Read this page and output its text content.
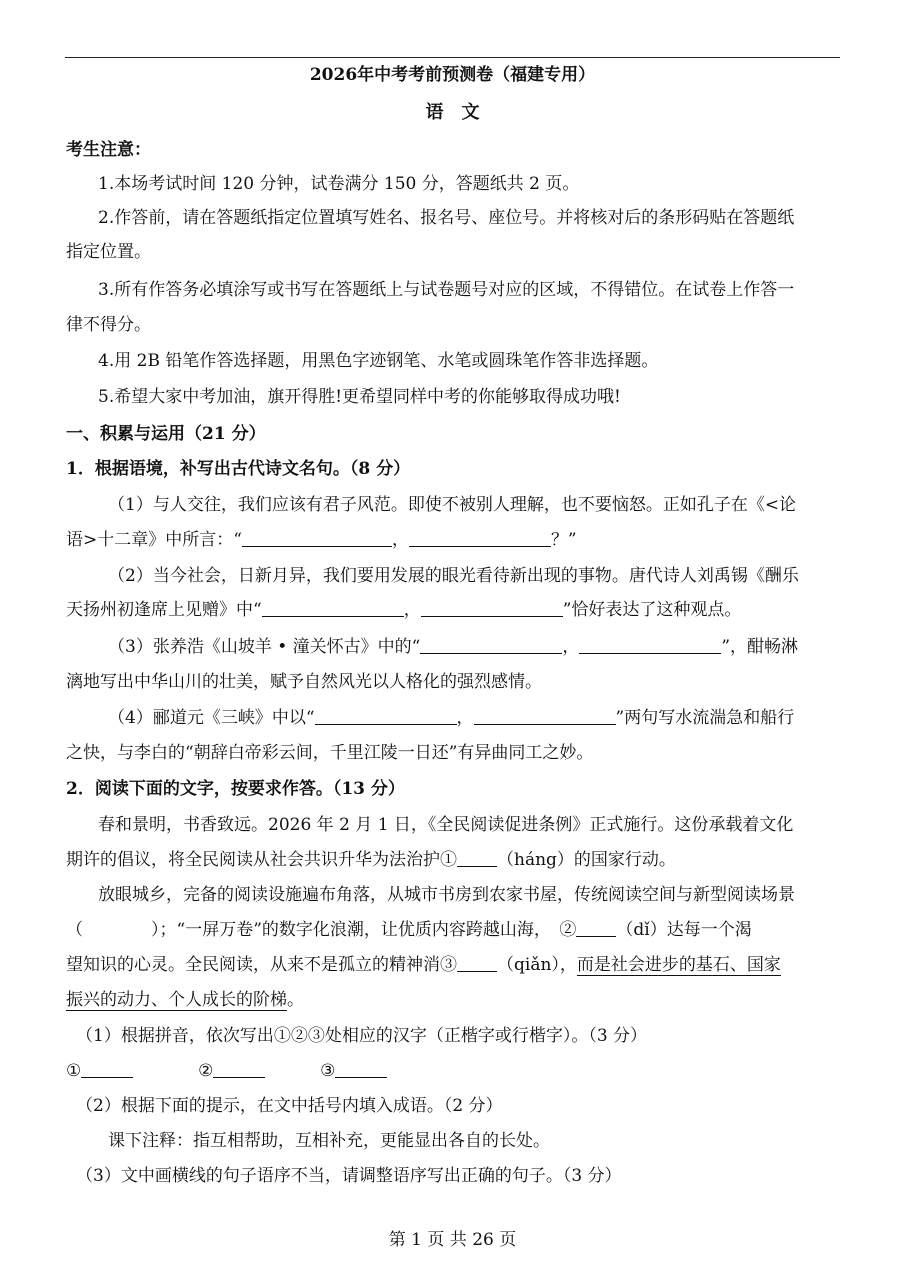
2026年中考考前预测卷（福建专用）
语　文
考生注意：
1.本场考试时间 120 分钟，试卷满分 150 分，答题纸共 2 页。
2.作答前，请在答题纸指定位置填写姓名、报名号、座位号。并将核对后的条形码贴在答题纸
指定位置。
3.所有作答务必填涂写或书写在答题纸上与试卷题号对应的区域，不得错位。在试卷上作答一
律不得分。
4.用 2B 铅笔作答选择题，用黑色字迹钢笔、水笔或圆珠笔作答非选择题。
5.希望大家中考加油，旗开得胜!更希望同样中考的你能够取得成功哦!
一、积累与运用（21 分）
1．根据语境，补写出古代诗文名句。（8 分）
（1）与人交往，我们应该有君子风范。即使不被别人理解，也不要恼怒。正如孔子在《<论
语>十二章》中所言：“	，	？”
（2）当今社会，日新月异，我们要用发展的眼光看待新出现的事物。唐代诗人刘禹锡《酬乐
天扬州初逢席上见赠》中“	，	”恰好表达了这种观点。
（3）张养浩《山坡羊 • 潼关怀古》中的“	，	”，酣畅淋
漓地写出中华山川的壮美，赋予自然风光以人格化的强烈感情。
（4）郦道元《三峡》中以“	，	”两句写水流湍急和船行
之快，与李白的“朝辞白帝彩云间，千里江陵一日还”有异曲同工之妙。
2．阅读下面的文字，按要求作答。（13 分）
春和景明，书香致远。2026 年 2 月 1 日，《全民阅读促进条例》正式施行。这份承载着文化
期许的倡议，将全民阅读从社会共识升华为法治护① （háng）的国家行动。
放眼城乡，完备的阅读设施遍布角落，从城市书房到农家书屋，传统阅读空间与新型阅读场景
（　　　　）；“一屏万卷”的数字化浪潮，让优质内容跨越山海，　② （dǐ）达每一个渴
望知识的心灵。全民阅读，从来不是孤立的精神消③ （qiǎn），而是社会进步的基石、国家
振兴的动力、个人成长的阶梯。
（1）根据拼音，依次写出①②③处相应的汉字（正楷字或行楷字）。（3 分）
①	②	③
（2）根据下面的提示，在文中括号内填入成语。（2 分）
课下注释：指互相帮助，互相补充，更能显出各自的长处。
（3）文中画横线的句子语序不当，请调整语序写出正确的句子。（3 分）
第 1 页 共 26 页
